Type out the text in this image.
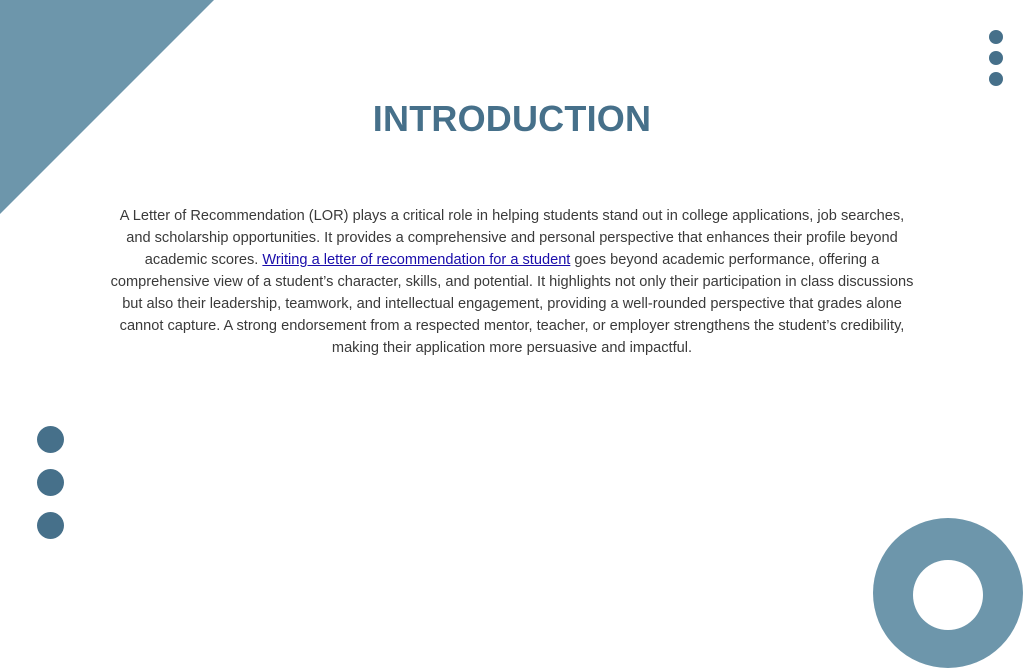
INTRODUCTION

A Letter of Recommendation (LOR) plays a critical role in helping students stand out in college applications, job searches, and scholarship opportunities. It provides a comprehensive and personal perspective that enhances their profile beyond academic scores. Writing a letter of recommendation for a student goes beyond academic performance, offering a comprehensive view of a student’s character, skills, and potential. It highlights not only their participation in class discussions but also their leadership, teamwork, and intellectual engagement, providing a well-rounded perspective that grades alone cannot capture. A strong endorsement from a respected mentor, teacher, or employer strengthens the student’s credibility, making their application more persuasive and impactful.
